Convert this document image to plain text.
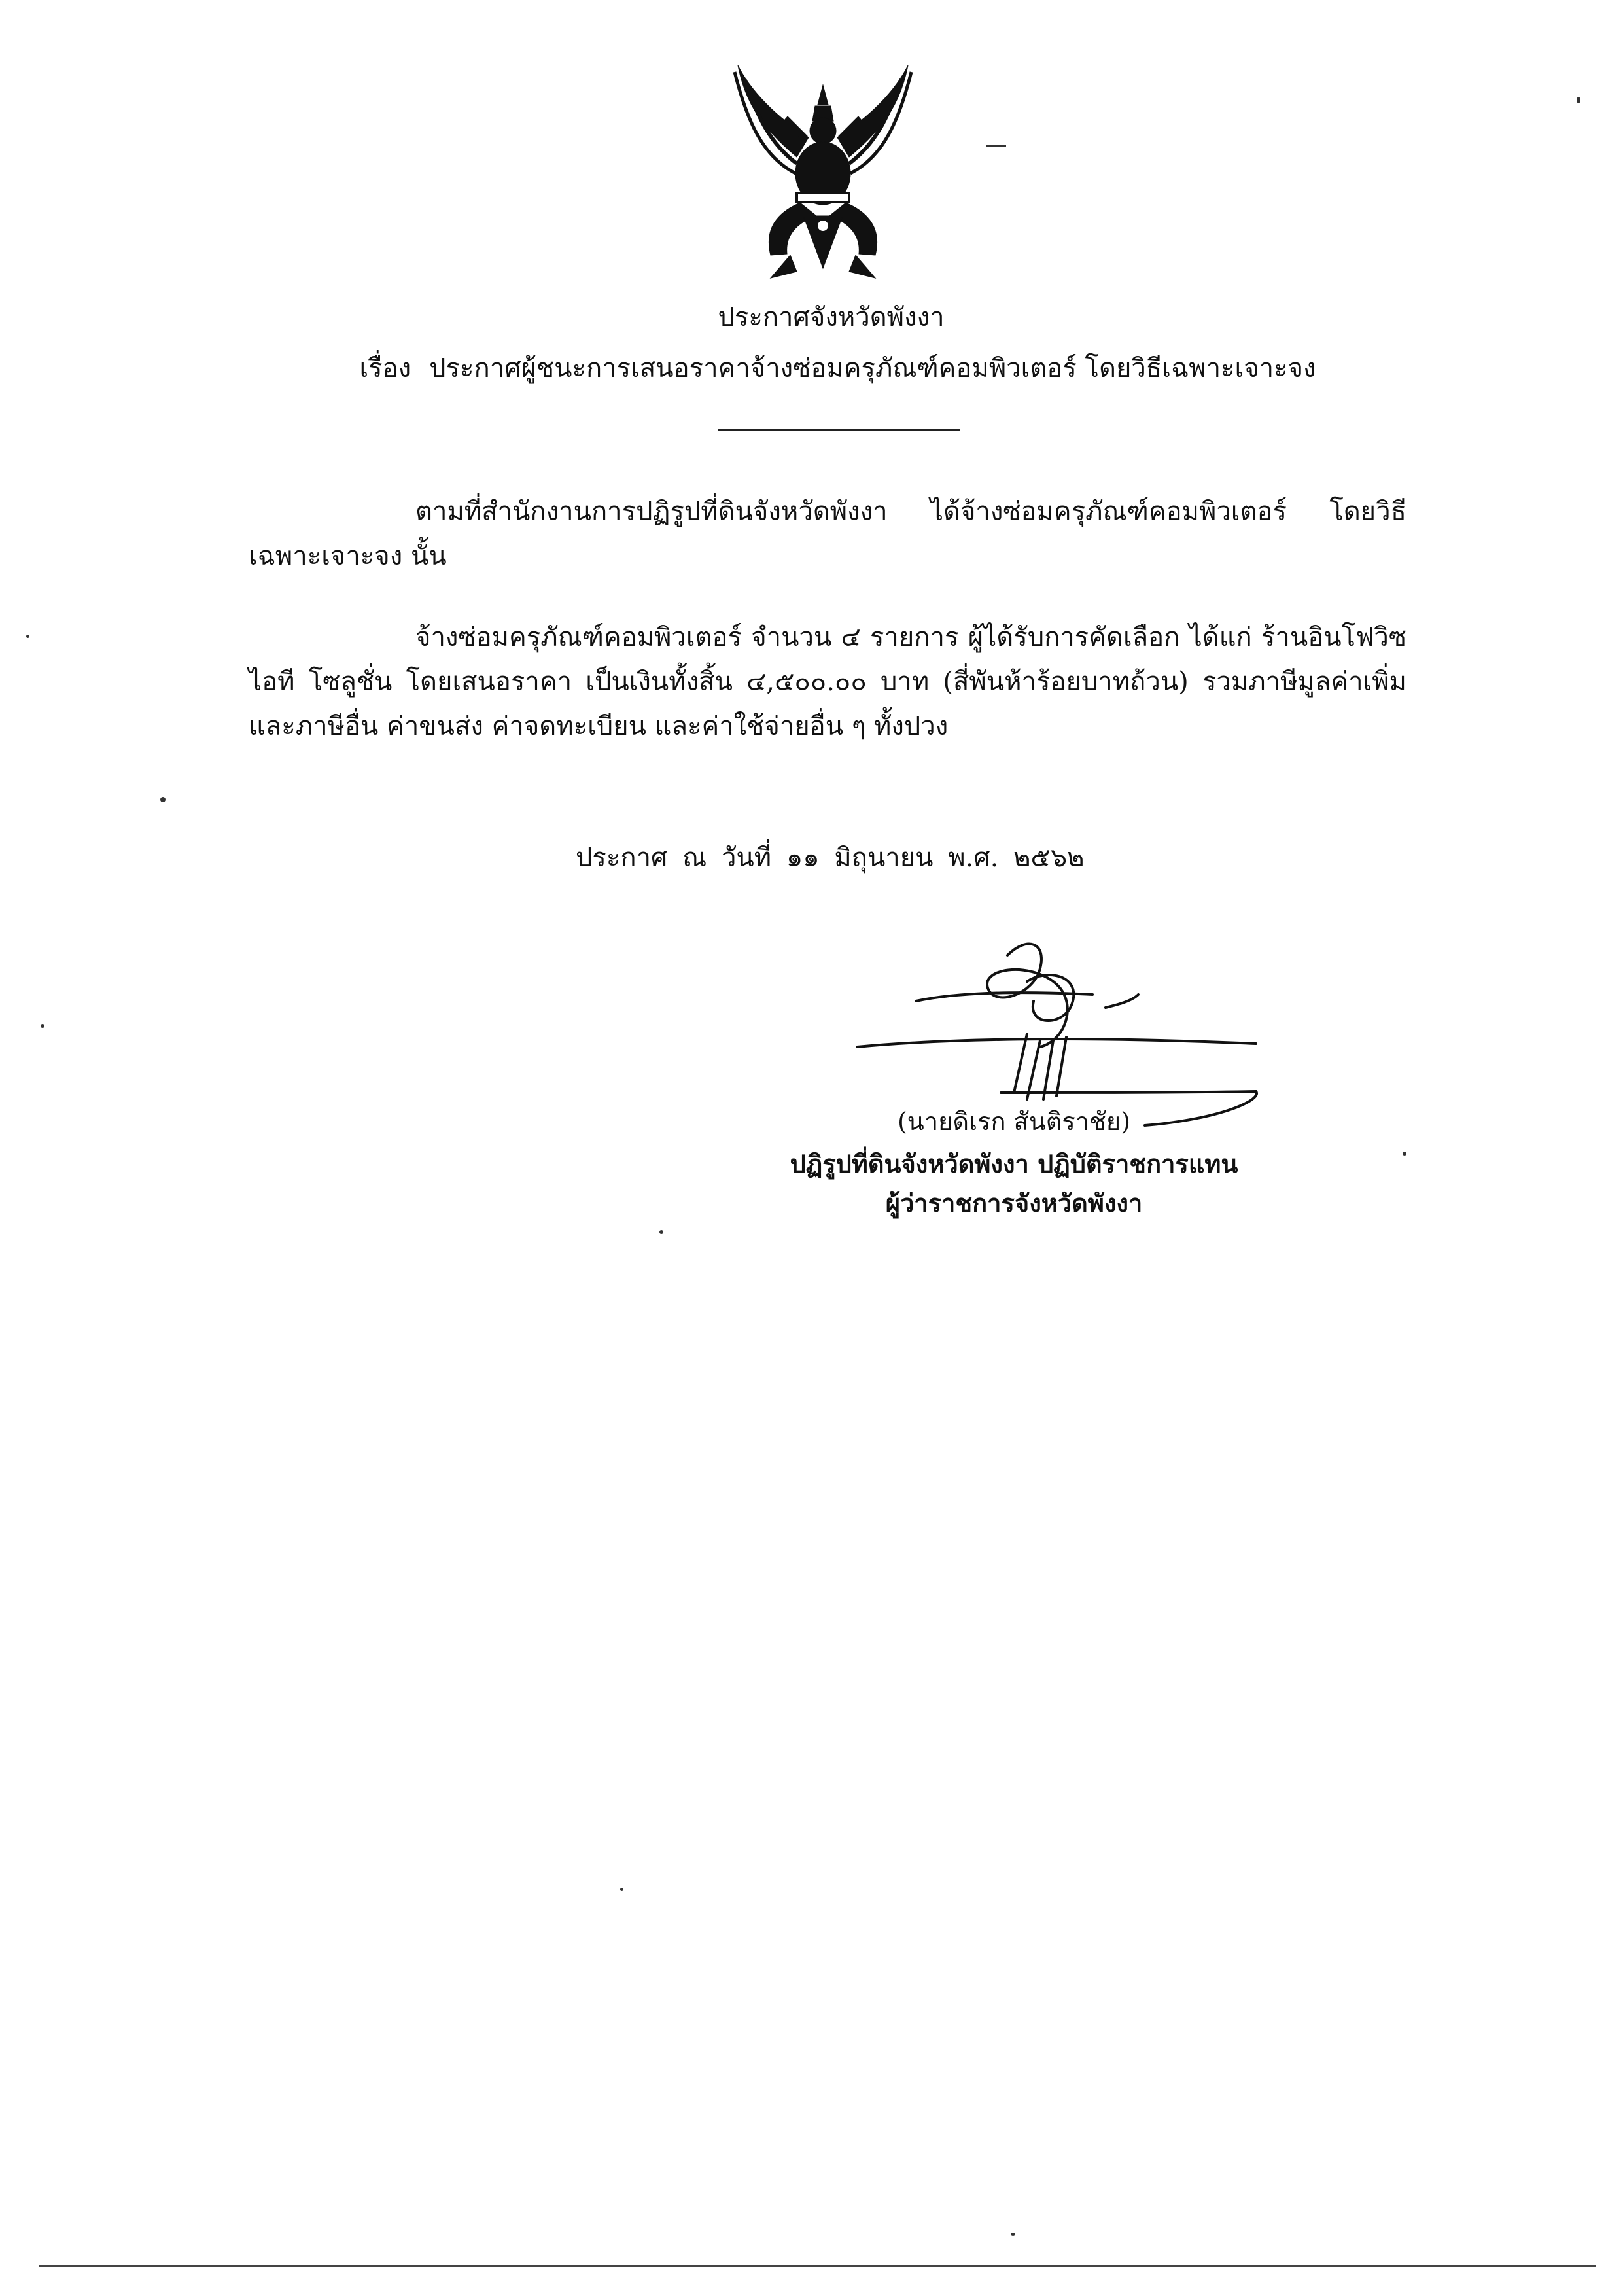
ประกาศจังหวัดพังงา
เรื่อง ประกาศผู้ชนะการเสนอราคาจ้างซ่อมครุภัณฑ์คอมพิวเตอร์ โดยวิธีเฉพาะเจาะจง
ตามที่สำนักงานการปฏิรูปที่ดินจังหวัดพังงา ได้จ้างซ่อมครุภัณฑ์คอมพิวเตอร์ โดยวิธีเฉพาะเจาะจง นั้น
จ้างซ่อมครุภัณฑ์คอมพิวเตอร์ จำนวน ๔ รายการ ผู้ได้รับการคัดเลือก ได้แก่ ร้านอินโฟวิซ ไอที โซลูชั่น โดยเสนอราคา เป็นเงินทั้งสิ้น ๔,๕๐๐.๐๐ บาท (สี่พันห้าร้อยบาทถ้วน) รวมภาษีมูลค่าเพิ่ม และภาษีอื่น ค่าขนส่ง ค่าจดทะเบียน และค่าใช้จ่ายอื่น ๆ ทั้งปวง
ประกาศ ณ วันที่ ๑๑ มิถุนายน พ.ศ. ๒๕๖๒
(นายดิเรก สันติราชัย)
ปฏิรูปที่ดินจังหวัดพังงา ปฏิบัติราชการแทน
ผู้ว่าราชการจังหวัดพังงา
